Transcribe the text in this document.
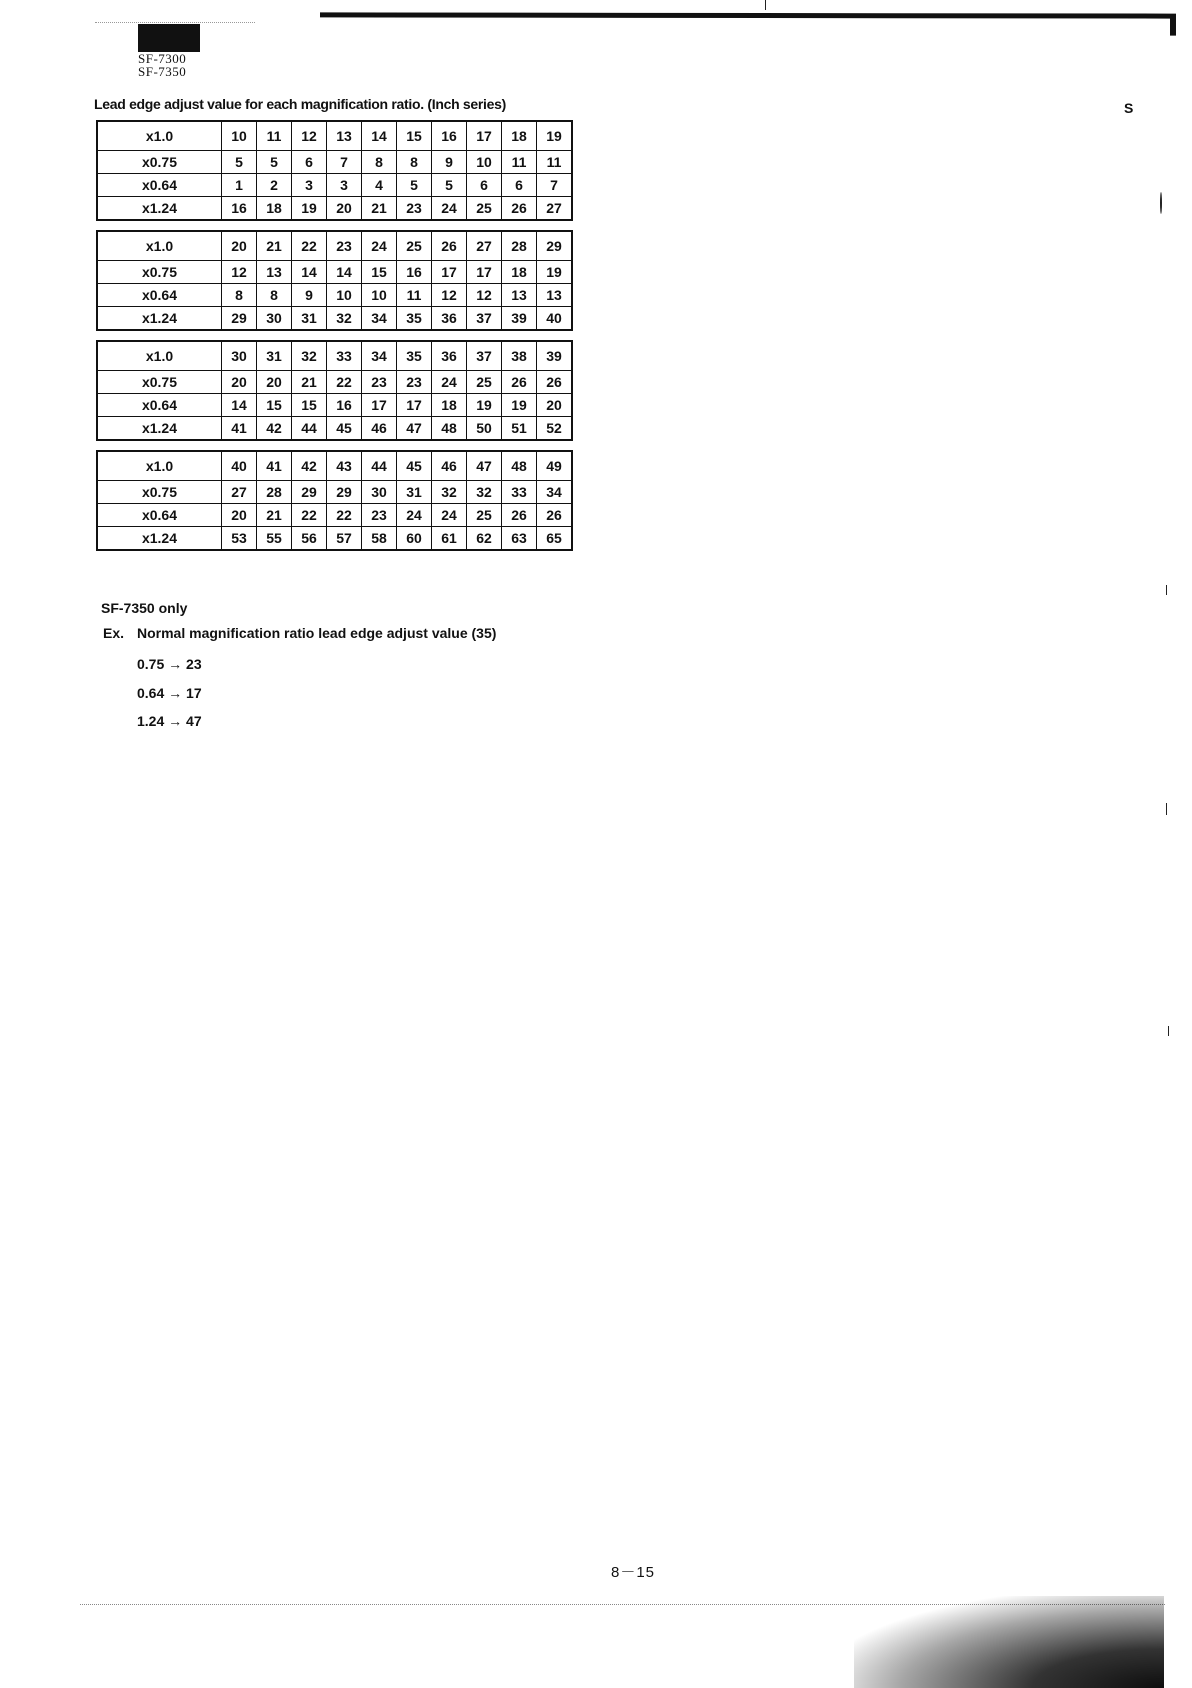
SF-7300
SF-7350
Lead edge adjust value for each magnification ratio. (Inch series)
x1.0	10	11	12	13	14	15	16	17	18	19
x0.75	5	5	6	7	8	8	9	10	11	11
x0.64	1	2	3	3	4	5	5	6	6	7
x1.24	16	18	19	20	21	23	24	25	26	27
x1.0	20	21	22	23	24	25	26	27	28	29
x0.75	12	13	14	14	15	16	17	17	18	19
x0.64	8	8	9	10	10	11	12	12	13	13
x1.24	29	30	31	32	34	35	36	37	39	40
x1.0	30	31	32	33	34	35	36	37	38	39
x0.75	20	20	21	22	23	23	24	25	26	26
x0.64	14	15	15	16	17	17	18	19	19	20
x1.24	41	42	44	45	46	47	48	50	51	52
x1.0	40	41	42	43	44	45	46	47	48	49
x0.75	27	28	29	29	30	31	32	32	33	34
x0.64	20	21	22	22	23	24	24	25	26	26
x1.24	53	55	56	57	58	60	61	62	63	65
SF-7350 only
Ex. Normal magnification ratio lead edge adjust value (35)
0.75 → 23
0.64 → 17
1.24 → 47
S
8－15
